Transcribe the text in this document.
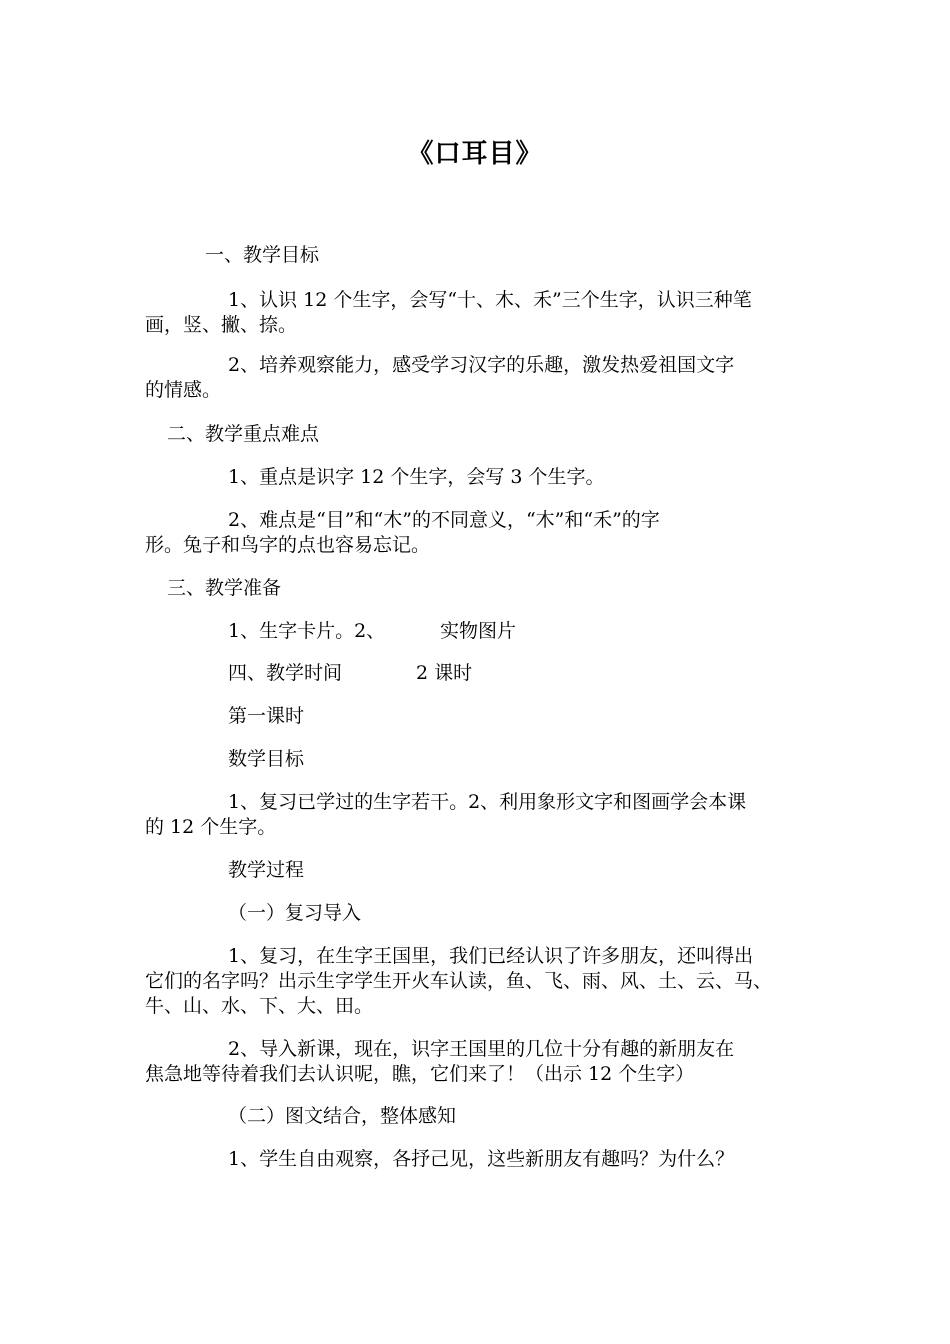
《口耳目》
一、教学目标
1、认识 12 个生字，会写“十、木、禾”三个生字，认识三种笔
画，竖、撇、捺。
2、培养观察能力，感受学习汉字的乐趣，激发热爱祖国文字
的情感。
二、教学重点难点
1、重点是识字 12 个生字，会写 3 个生字。
2、难点是“目”和“木”的不同意义，“木”和“禾”的字
形。兔子和鸟字的点也容易忘记。
三、教学准备
1、生字卡片。2、	实物图片
四、教学时间	2 课时
第一课时
数学目标
1、复习已学过的生字若干。2、利用象形文字和图画学会本课
的 12 个生字。
教学过程
（一）复习导入
1、复习，在生字王国里，我们已经认识了许多朋友，还叫得出
它们的名字吗？出示生字学生开火车认读，鱼、飞、雨、风、土、云、马、
牛、山、水、下、大、田。
2、导入新课，现在，识字王国里的几位十分有趣的新朋友在
焦急地等待着我们去认识呢，瞧，它们来了！（出示 12 个生字）
（二）图文结合，整体感知
1、学生自由观察，各抒己见，这些新朋友有趣吗？为什么？
